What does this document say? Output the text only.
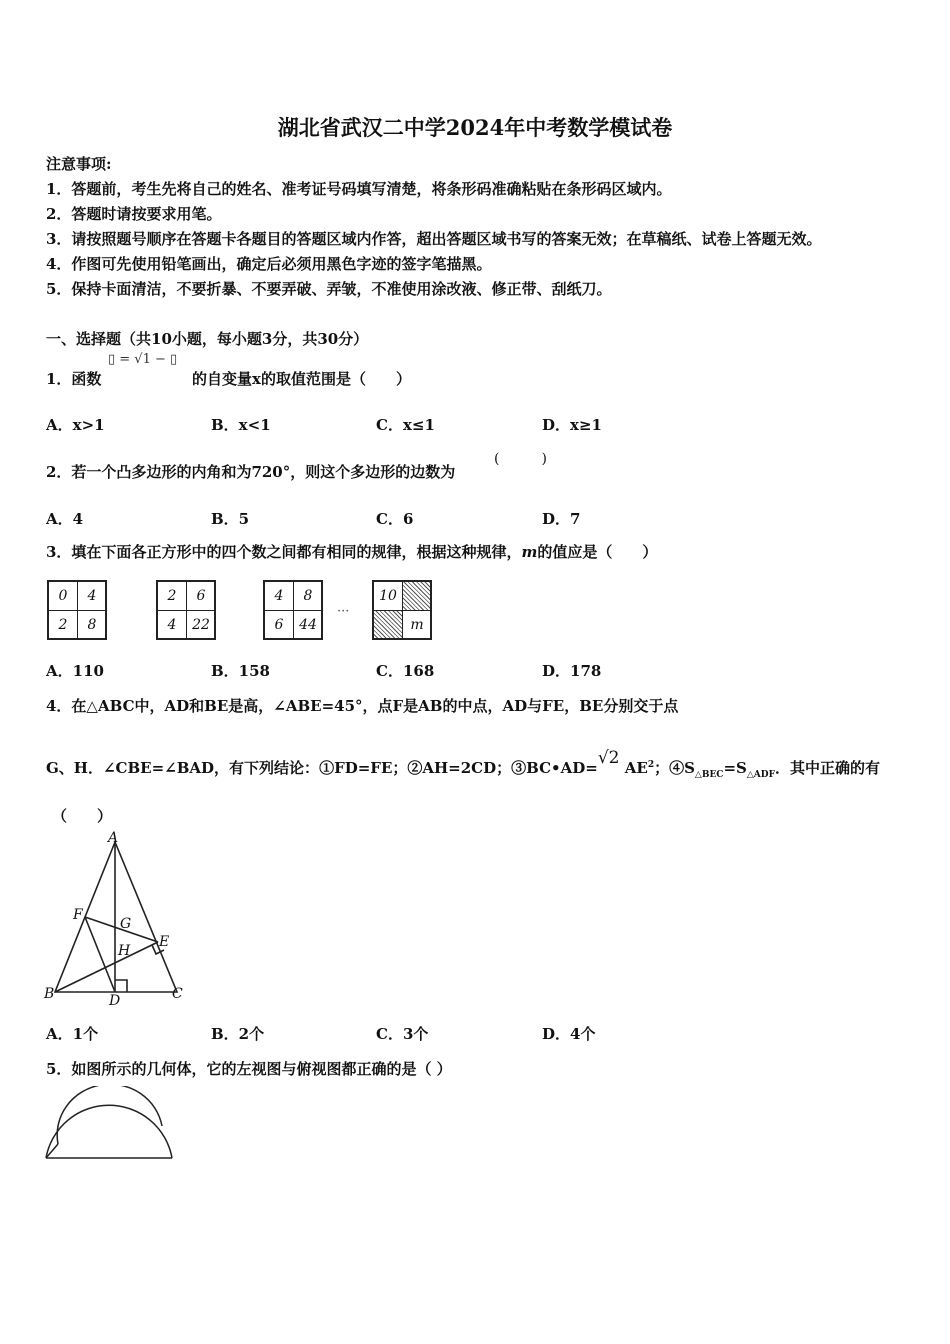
湖北省武汉二中学2024年中考数学模试卷
注意事项:
1．答题前，考生先将自己的姓名、准考证号码填写清楚，将条形码准确粘贴在条形码区域内。
2．答题时请按要求用笔。
3．请按照题号顺序在答题卡各题目的答题区域内作答，超出答题区域书写的答案无效；在草稿纸、试卷上答题无效。
4．作图可先使用铅笔画出，确定后必须用黑色字迹的签字笔描黑。
5．保持卡面清洁，不要折暴、不要弄破、弄皱，不准使用涂改液、修正带、刮纸刀。
一、选择题（共10小题，每小题3分，共30分）
1．函数
▯ = √1 − ▯
的自变量x的取值范围是（　　）
A．x>1	B．x<1	C．x≤1	D．x≥1
2．若一个凸多边形的内角和为720°，则这个多边形的边数为
(　　　)
A．4	B．5	C．6	D．7
3．填在下面各正方形中的四个数之间都有相同的规律，根据这种规律，m的值应是（　　）
0	4
2	8
2	6
4	22
4	8
6	44
···
10
m
A．110	B．158	C．168	D．178
4．在△ABC中，AD和BE是高，∠ABE=45°，点F是AB的中点，AD与FE，BE分别交于点
G、H．∠CBE=∠BAD，有下列结论：①FD=FE；②AH=2CD；③BC•AD=√2 $AE^2$；$④S_{\triangle BEC}=S_{\triangle ADF}$．其中正确的有
（　　）
A
F
G
E
H
B	D	C
A．1个	B．2个	C．3个	D．4个
5．如图所示的几何体，它的左视图与俯视图都正确的是（ ）
